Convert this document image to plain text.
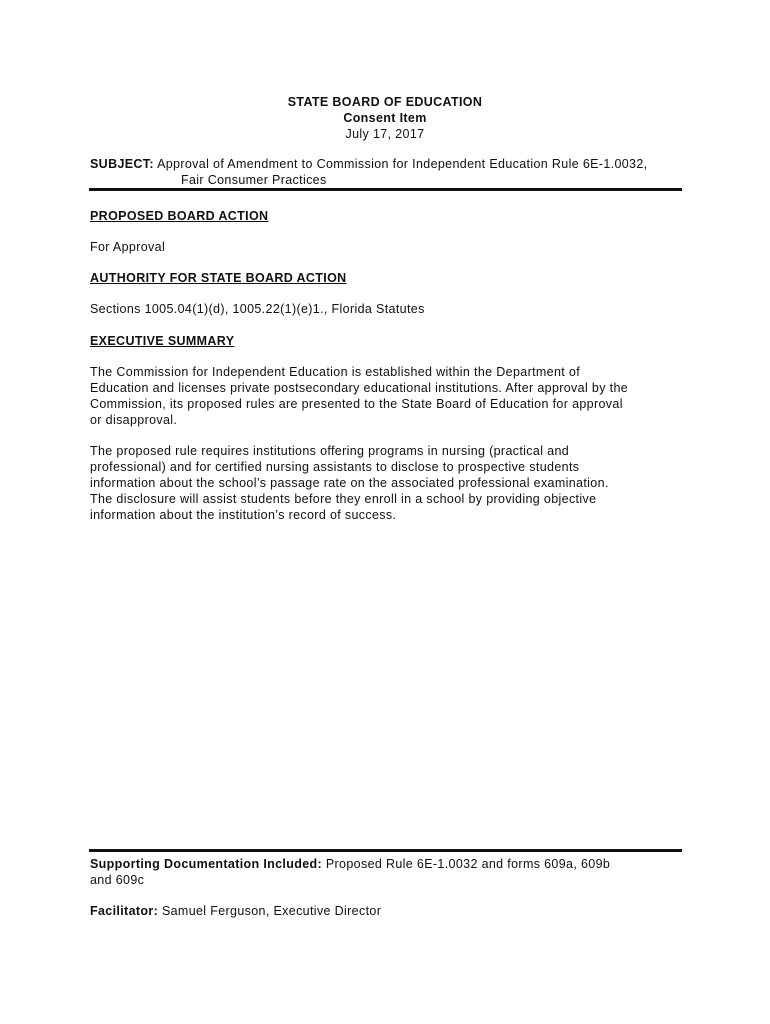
STATE BOARD OF EDUCATION
Consent Item
July 17, 2017
SUBJECT: Approval of Amendment to Commission for Independent Education Rule 6E-1.0032,
Fair Consumer Practices
PROPOSED BOARD ACTION
For Approval
AUTHORITY FOR STATE BOARD ACTION
Sections 1005.04(1)(d), 1005.22(1)(e)1., Florida Statutes
EXECUTIVE SUMMARY

The Commission for Independent Education is established within the Department of
Education and licenses private postsecondary educational institutions. After approval by the
Commission, its proposed rules are presented to the State Board of Education for approval
or disapproval.

The proposed rule requires institutions offering programs in nursing (practical and
professional) and for certified nursing assistants to disclose to prospective students
information about the school’s passage rate on the associated professional examination.
The disclosure will assist students before they enroll in a school by providing objective
information about the institution’s record of success.

Supporting Documentation Included: Proposed Rule 6E-1.0032 and forms 609a, 609b
and 609c
Facilitator: Samuel Ferguson, Executive Director
